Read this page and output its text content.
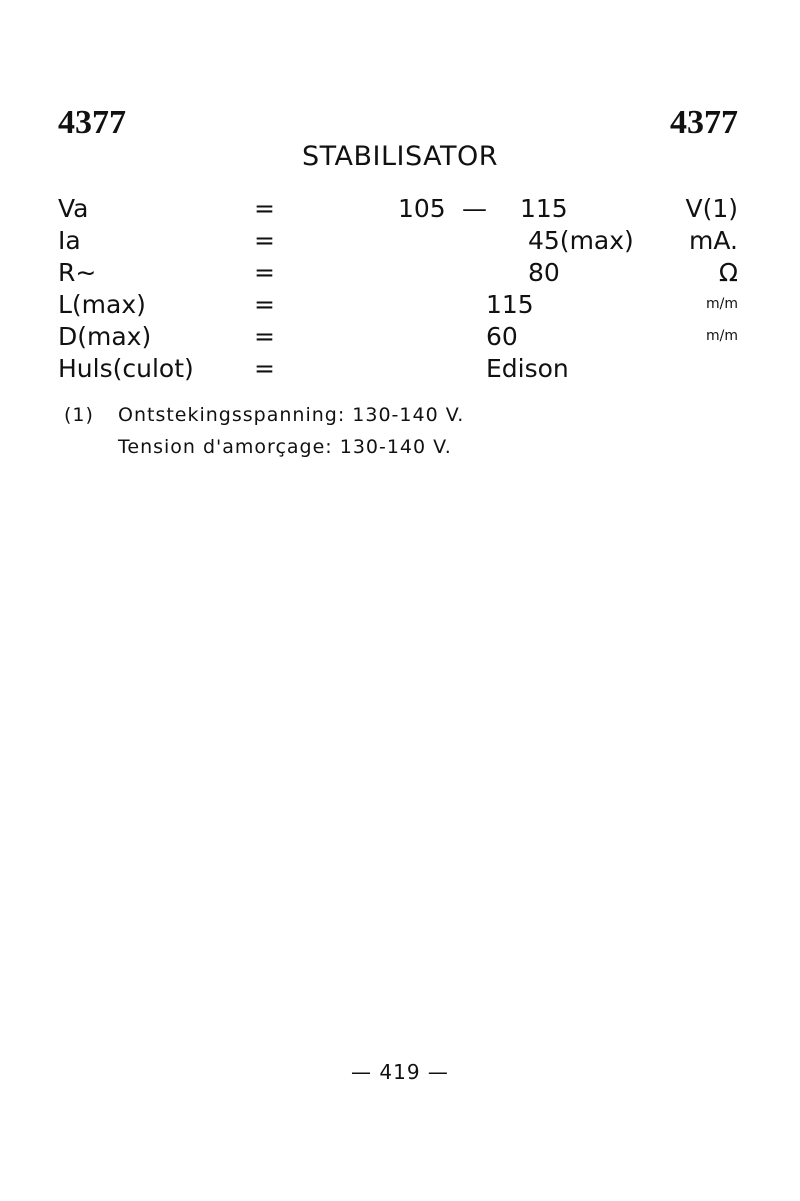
4377	4377
STABILISATOR
Va	=	105 — 115	V(1)
Ia	=	45(max) mA.
R∼	=	80	Ω
L(max)	=	115	m/m
D(max)	=	60	m/m
Huls(culot) =	Edison
(1) Ontstekingsspanning: 130-140 V.
Tension d'amorçage: 130-140 V.
— 419 —
